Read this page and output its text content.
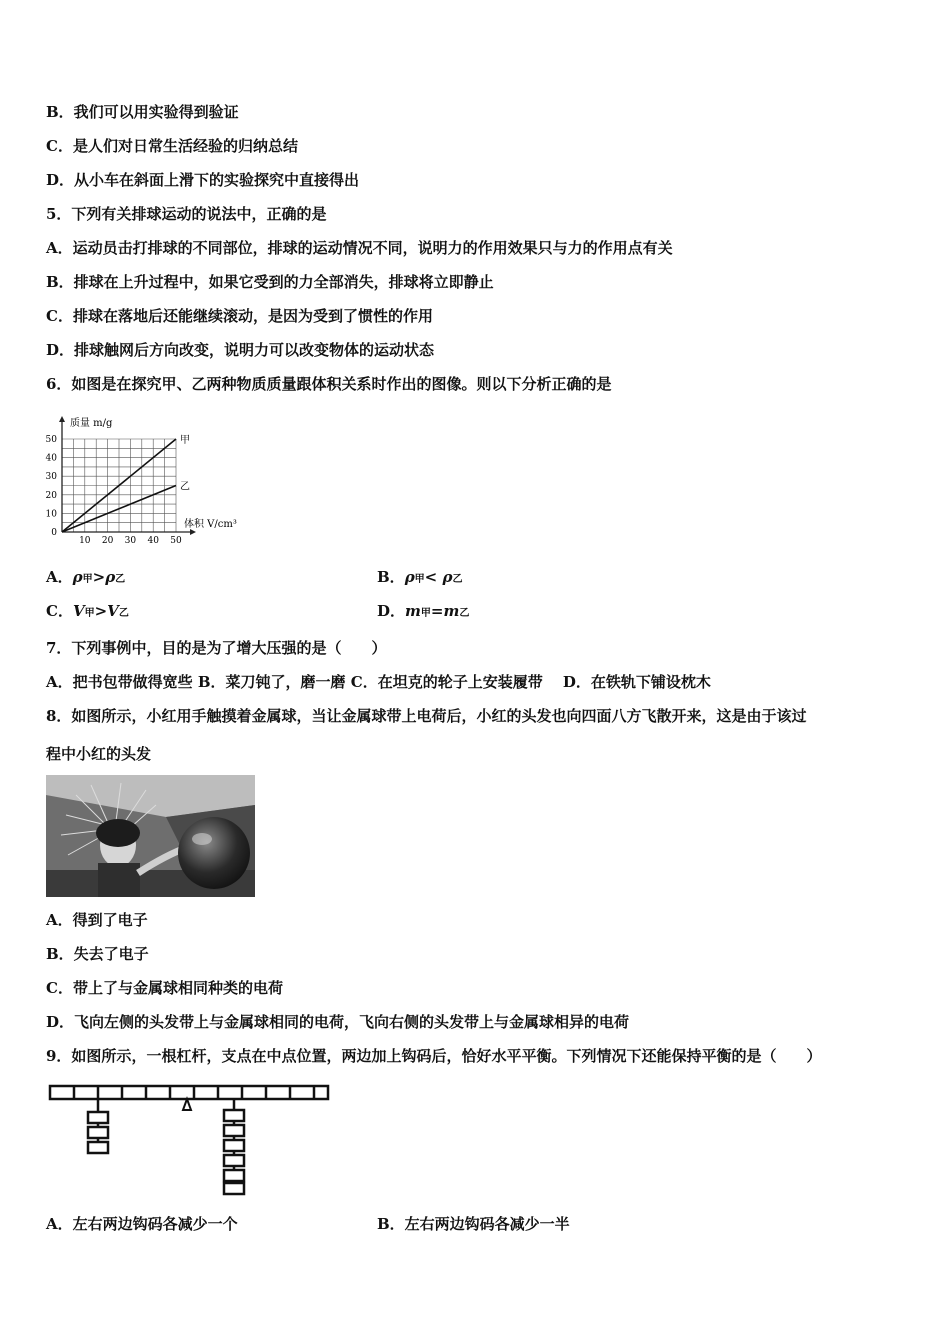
B．我们可以用实验得到验证
C．是人们对日常生活经验的归纳总结
D．从小车在斜面上滑下的实验探究中直接得出
5．下列有关排球运动的说法中，正确的是
A．运动员击打排球的不同部位，排球的运动情况不同，说明力的作用效果只与力的作用点有关
B．排球在上升过程中，如果它受到的力全部消失，排球将立即静止
C．排球在落地后还能继续滚动，是因为受到了惯性的作用
D．排球触网后方向改变，说明力可以改变物体的运动状态
6．如图是在探究甲、乙两种物质质量跟体积关系时作出的图像。则以下分析正确的是
质量 m/g
体积 V/cm³
10 20 30 40 50
0
10
20
30
40
50	甲
乙
A．ρ甲>ρ乙	B．ρ甲< ρ乙
C．V甲>V乙	D．m甲=m乙
7．下列事例中，目的是为了增大压强的是（　　）
A．把书包带做得宽些 B．菜刀钝了，磨一磨 C．在坦克的轮子上安装履带　 D．在铁轨下铺设枕木
8．如图所示，小红用手触摸着金属球，当让金属球带上电荷后，小红的头发也向四面八方飞散开来，这是由于该过
程中小红的头发
A．得到了电子
B．失去了电子
C．带上了与金属球相同种类的电荷
D．飞向左侧的头发带上与金属球相同的电荷，飞向右侧的头发带上与金属球相异的电荷
9．如图所示，一根杠杆，支点在中点位置，两边加上钩码后，恰好水平平衡。下列情况下还能保持平衡的是（　　）
A．左右两边钩码各减少一个	B．左右两边钩码各减少一半
